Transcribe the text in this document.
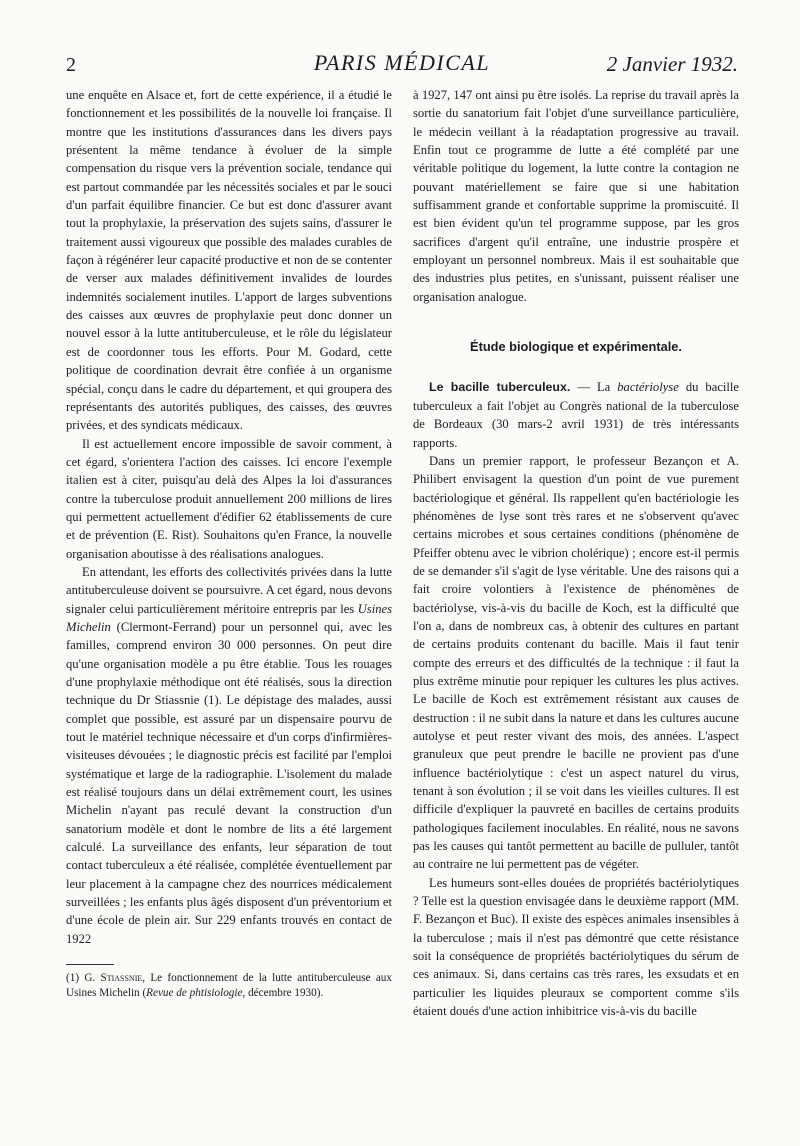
2	PARIS MÉDICAL	2 Janvier 1932.

une enquête en Alsace et, fort de cette expérience, il a étudié le fonctionnement et les possibilités de la nouvelle loi française. Il montre que les institutions d'assurances dans les divers pays présentent la même tendance à évoluer de la simple compensation du risque vers la prévention sociale, tendance qui est partout commandée par les nécessités sociales et par le souci d'un parfait équilibre financier. Ce but est donc d'assurer avant tout la prophylaxie, la préservation des sujets sains, d'assurer le traitement aussi vigoureux que possible des malades curables de façon à régénérer leur capacité productive et non de se contenter de verser aux malades définitivement invalides de lourdes indemnités socialement inutiles. L'apport de larges subventions des caisses aux œuvres de prophylaxie peut donc donner un nouvel essor à la lutte antituberculeuse, et le rôle du législateur est de coordonner tous les efforts. Pour M. Godard, cette politique de coordination devrait être confiée à un organisme spécial, conçu dans le cadre du département, et qui groupera des représentants des autorités publiques, des caisses, des œuvres privées, et des syndicats médicaux.

Il est actuellement encore impossible de savoir comment, à cet égard, s'orientera l'action des caisses. Ici encore l'exemple italien est à citer, puisqu'au delà des Alpes la loi d'assurances contre la tuberculose produit annuellement 200 millions de lires qui permettent actuellement d'édifier 62 établissements de cure et de prévention (E. Rist). Souhaitons qu'en France, la nouvelle organisation aboutisse à des réalisations analogues.

En attendant, les efforts des collectivités privées dans la lutte antituberculeuse doivent se poursuivre. A cet égard, nous devons signaler celui particulièrement méritoire entrepris par les Usines Michelin (Clermont-Ferrand) pour un personnel qui, avec les familles, comprend environ 30 000 personnes. On peut dire qu'une organisation modèle a pu être établie. Tous les rouages d'une prophylaxie méthodique ont été réalisés, sous la direction technique du Dr Stiassnie (1). Le dépistage des malades, aussi complet que possible, est assuré par un dispensaire pourvu de tout le matériel technique nécessaire et d'un corps d'infirmières-visiteuses dévouées ; le diagnostic précis est facilité par l'emploi systématique et large de la radiographie. L'isolement du malade est réalisé toujours dans un délai extrêmement court, les usines Michelin n'ayant pas reculé devant la construction d'un sanatorium modèle et dont le nombre de lits a été largement calculé. La surveillance des enfants, leur séparation de tout contact tuberculeux a été réalisée, complétée éventuellement par leur placement à la campagne chez des nourrices médicalement surveillées ; les enfants plus âgés disposent d'un préventorium et d'une école de plein air. Sur 229 enfants trouvés en contact de 1922

(1) G. Stiassnie, Le fonctionnement de la lutte antituberculeuse aux Usines Michelin (Revue de phtisiologie, décembre 1930).

à 1927, 147 ont ainsi pu être isolés. La reprise du travail après la sortie du sanatorium fait l'objet d'une surveillance particulière, le médecin veillant à la réadaptation progressive au travail. Enfin tout ce programme de lutte a été complété par une véritable politique du logement, la lutte contre la contagion ne pouvant matériellement se faire que si une habitation suffisamment grande et confortable supprime la promiscuité. Il est bien évident qu'un tel programme suppose, par les gros sacrifices d'argent qu'il entraîne, une industrie prospère et employant un personnel nombreux. Mais il est souhaitable que des industries plus petites, en s'unissant, puissent réaliser une organisation analogue.

Étude biologique et expérimentale.

Le bacille tuberculeux. — La bactériolyse du bacille tuberculeux a fait l'objet au Congrès national de la tuberculose de Bordeaux (30 mars-2 avril 1931) de très intéressants rapports.

Dans un premier rapport, le professeur Bezançon et A. Philibert envisagent la question d'un point de vue purement bactériologique et général. Ils rappellent qu'en bactériologie les phénomènes de lyse sont très rares et ne s'observent qu'avec certains microbes et sous certaines conditions (phénomène de Pfeiffer obtenu avec le vibrion cholérique) ; encore est-il permis de se demander s'il s'agit de lyse véritable. Une des raisons qui a fait croire volontiers à l'existence de phénomènes de bactériolyse, vis-à-vis du bacille de Koch, est la difficulté que l'on a, dans de nombreux cas, à obtenir des cultures en partant de certains produits contenant du bacille. Mais il faut tenir compte des erreurs et des difficultés de la technique : il faut la plus extrême minutie pour repiquer les cultures les plus actives. Le bacille de Koch est extrêmement résistant aux causes de destruction : il ne subit dans la nature et dans les cultures aucune autolyse et peut rester vivant des mois, des années. L'aspect granuleux que peut prendre le bacille ne provient pas d'une influence bactériolytique : c'est un aspect naturel du virus, tenant à son évolution ; il se voit dans les vieilles cultures. Il est difficile d'expliquer la pauvreté en bacilles de certains produits pathologiques facilement inoculables. En réalité, nous ne savons pas les causes qui tantôt permettent au bacille de pulluler, tantôt au contraire ne lui permettent pas de végéter.

Les humeurs sont-elles douées de propriétés bactériolytiques ? Telle est la question envisagée dans le deuxième rapport (MM. F. Bezançon et Buc). Il existe des espèces animales insensibles à la tuberculose ; mais il n'est pas démontré que cette résistance soit la conséquence de propriétés bactériolytiques du sérum de ces animaux. Si, dans certains cas très rares, les exsudats et en particulier les liquides pleuraux se comportent comme s'ils étaient doués d'une action inhibitrice vis-à-vis du bacille
